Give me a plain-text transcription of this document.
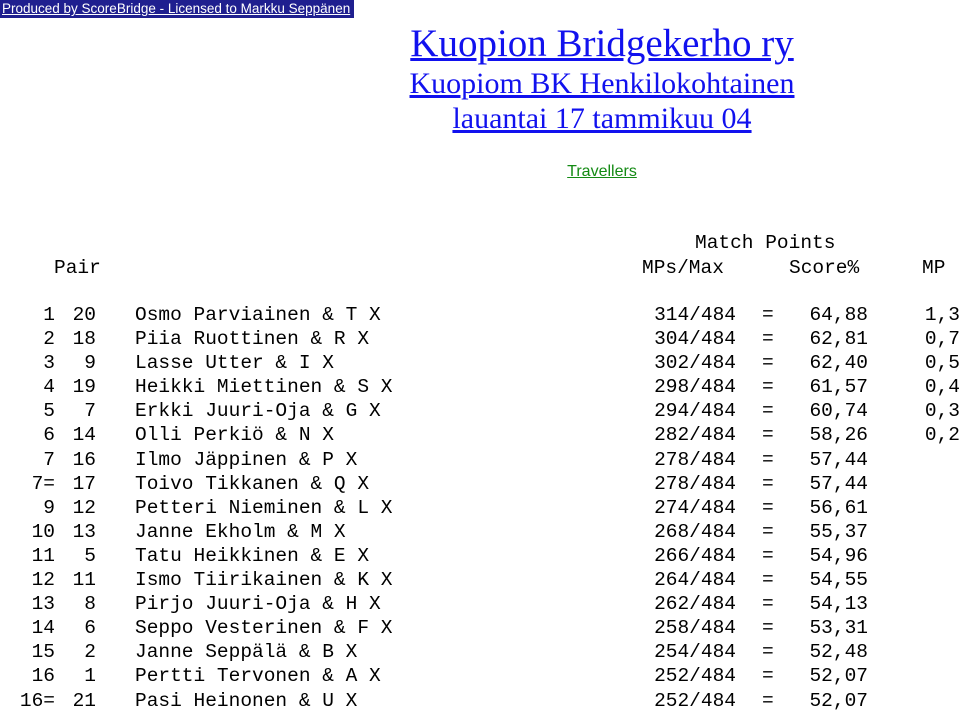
Produced by ScoreBridge - Licensed to Markku Seppänen
Kuopion Bridgekerho ry
Kuopiom BK Henkilokohtainen
lauantai 17 tammikuu 04
Travellers
Match Points
Pair	MPs/Max	Score%	MP
1 20 Osmo Parviainen & T X	314/484 = 64,88	1,3
2 18 Piia Ruottinen & R X	304/484 = 62,81	0,7
3 9 Lasse Utter & I X	302/484 = 62,40	0,5
4 19 Heikki Miettinen & S X	298/484 = 61,57	0,4
5 7 Erkki Juuri-Oja & G X	294/484 = 60,74	0,3
6 14 Olli Perkiö & N X	282/484 = 58,26	0,2
7 16 Ilmo Jäppinen & P X	278/484 = 57,44
7= 17 Toivo Tikkanen & Q X	278/484 = 57,44
9 12 Petteri Nieminen & L X	274/484 = 56,61
10 13 Janne Ekholm & M X	268/484 = 55,37
11 5 Tatu Heikkinen & E X	266/484 = 54,96
12 11 Ismo Tiirikainen & K X	264/484 = 54,55
13 8 Pirjo Juuri-Oja & H X	262/484 = 54,13
14 6 Seppo Vesterinen & F X	258/484 = 53,31
15 2 Janne Seppälä & B X	254/484 = 52,48
16 1 Pertti Tervonen & A X	252/484 = 52,07
16= 21 Pasi Heinonen & U X	252/484 = 52,07
